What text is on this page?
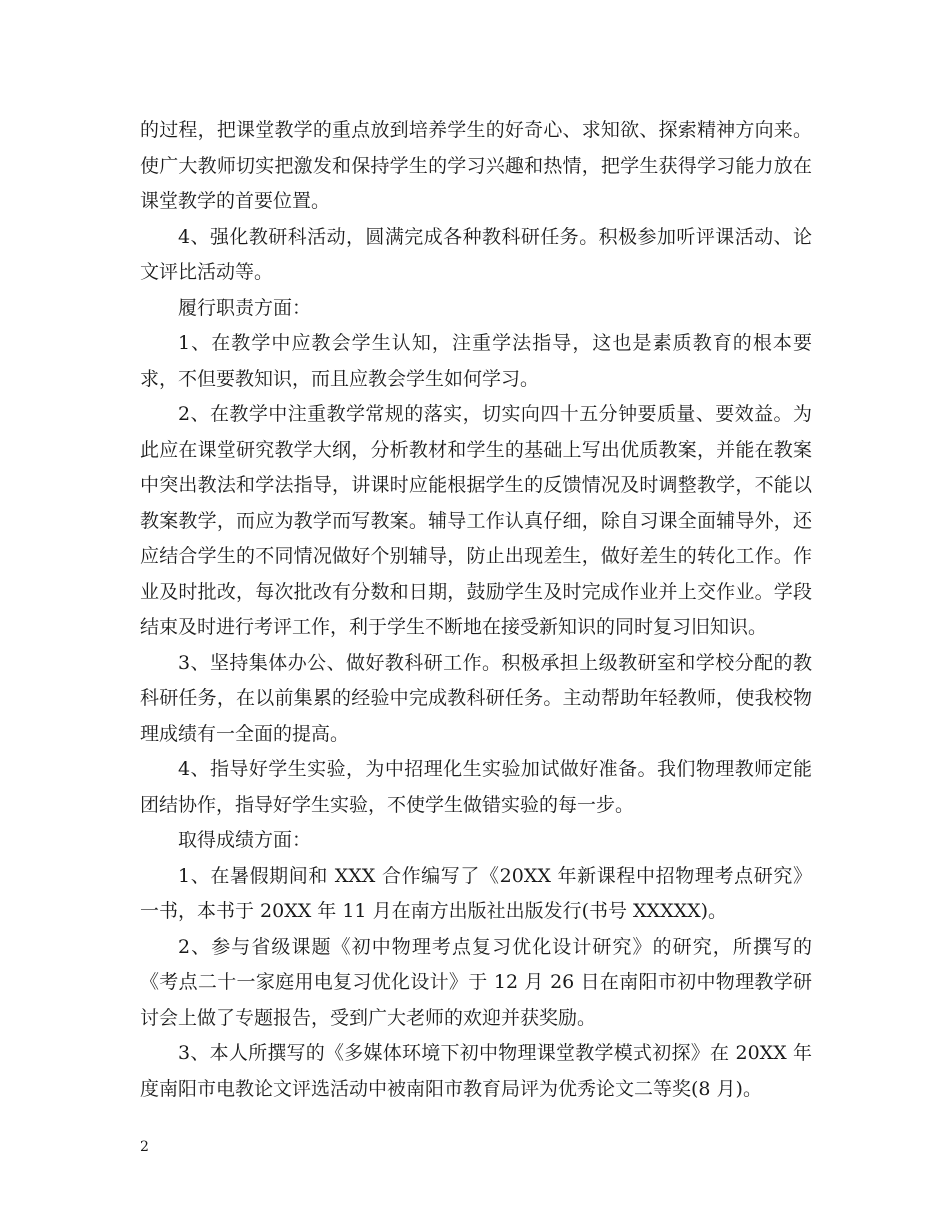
的过程，把课堂教学的重点放到培养学生的好奇心、求知欲、探索精神方向来。使广大教师切实把激发和保持学生的学习兴趣和热情，把学生获得学习能力放在课堂教学的首要位置。

4、强化教研科活动，圆满完成各种教科研任务。积极参加听评课活动、论文评比活动等。

履行职责方面：

1、在教学中应教会学生认知，注重学法指导，这也是素质教育的根本要求，不但要教知识，而且应教会学生如何学习。

2、在教学中注重教学常规的落实，切实向四十五分钟要质量、要效益。为此应在课堂研究教学大纲，分析教材和学生的基础上写出优质教案，并能在教案中突出教法和学法指导，讲课时应能根据学生的反馈情况及时调整教学，不能以教案教学，而应为教学而写教案。辅导工作认真仔细，除自习课全面辅导外，还应结合学生的不同情况做好个别辅导，防止出现差生，做好差生的转化工作。作业及时批改，每次批改有分数和日期，鼓励学生及时完成作业并上交作业。学段结束及时进行考评工作，利于学生不断地在接受新知识的同时复习旧知识。

3、坚持集体办公、做好教科研工作。积极承担上级教研室和学校分配的教科研任务，在以前集累的经验中完成教科研任务。主动帮助年轻教师，使我校物理成绩有一全面的提高。

4、指导好学生实验，为中招理化生实验加试做好准备。我们物理教师定能团结协作，指导好学生实验，不使学生做错实验的每一步。

取得成绩方面：

1、在暑假期间和 XXX 合作编写了《20XX 年新课程中招物理考点研究》一书，本书于 20XX 年 11 月在南方出版社出版发行(书号 XXXXX)。

2、参与省级课题《初中物理考点复习优化设计研究》的研究，所撰写的《考点二十一家庭用电复习优化设计》于 12 月 26 日在南阳市初中物理教学研讨会上做了专题报告，受到广大老师的欢迎并获奖励。

3、本人所撰写的《多媒体环境下初中物理课堂教学模式初探》在 20XX 年度南阳市电教论文评选活动中被南阳市教育局评为优秀论文二等奖(8 月)。

2
